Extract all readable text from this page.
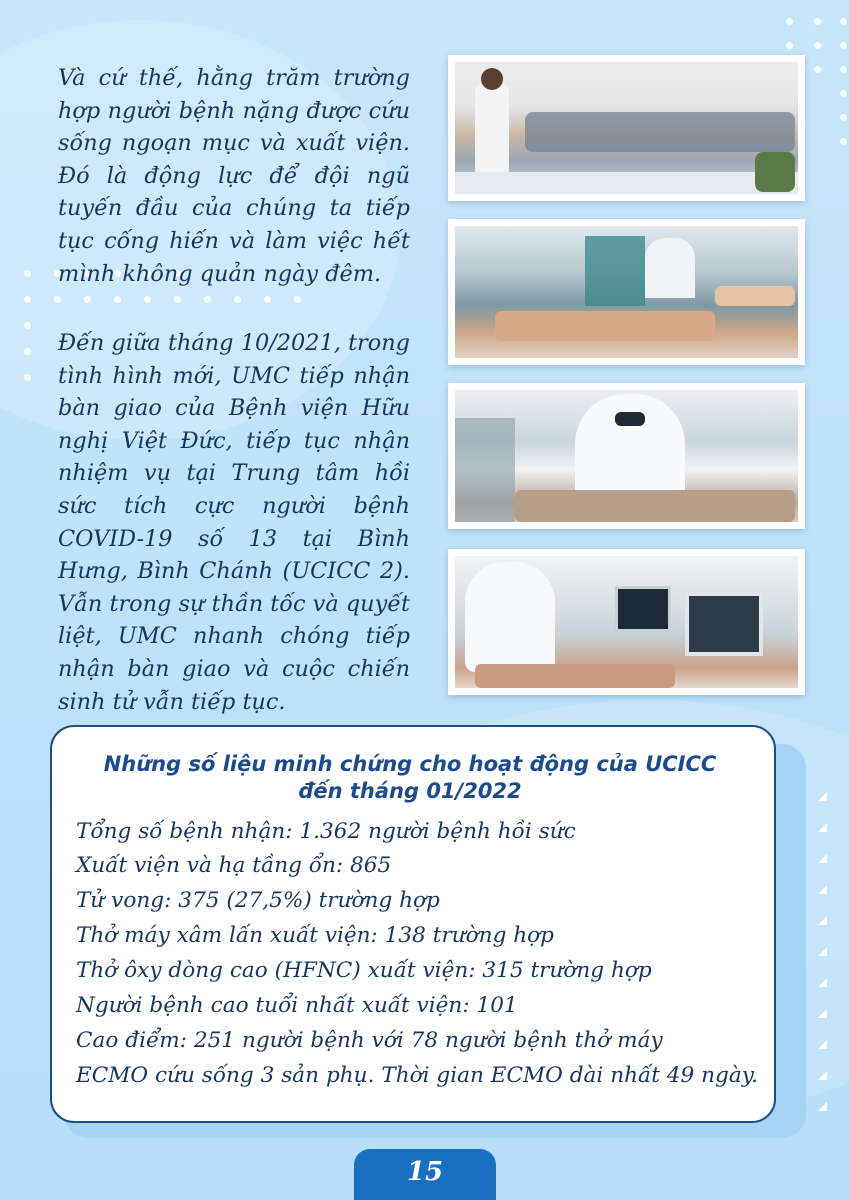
Và cứ thế, hằng trăm trường hợp người bệnh nặng được cứu sống ngoạn mục và xuất viện. Đó là động lực để đội ngũ tuyến đầu của chúng ta tiếp tục cống hiến và làm việc hết mình không quản ngày đêm.

Đến giữa tháng 10/2021, trong tình hình mới, UMC tiếp nhận bàn giao của Bệnh viện Hữu nghị Việt Đức, tiếp tục nhận nhiệm vụ tại Trung tâm hồi sức tích cực người bệnh COVID-19 số 13 tại Bình Hưng, Bình Chánh (UCICC 2). Vẫn trong sự thần tốc và quyết liệt, UMC nhanh chóng tiếp nhận bàn giao và cuộc chiến sinh tử vẫn tiếp tục.

Những số liệu minh chứng cho hoạt động của UCICC

đến tháng 01/2022

Tổng số bệnh nhận: 1.362 người bệnh hồi sức

Xuất viện và hạ tầng ổn: 865

Tử vong: 375 (27,5%) trường hợp

Thở máy xâm lấn xuất viện: 138 trường hợp

Thở ôxy dòng cao (HFNC) xuất viện: 315 trường hợp

Người bệnh cao tuổi nhất xuất viện: 101

Cao điểm: 251 người bệnh với 78 người bệnh thở máy

ECMO cứu sống 3 sản phụ. Thời gian ECMO dài nhất 49 ngày.

15
